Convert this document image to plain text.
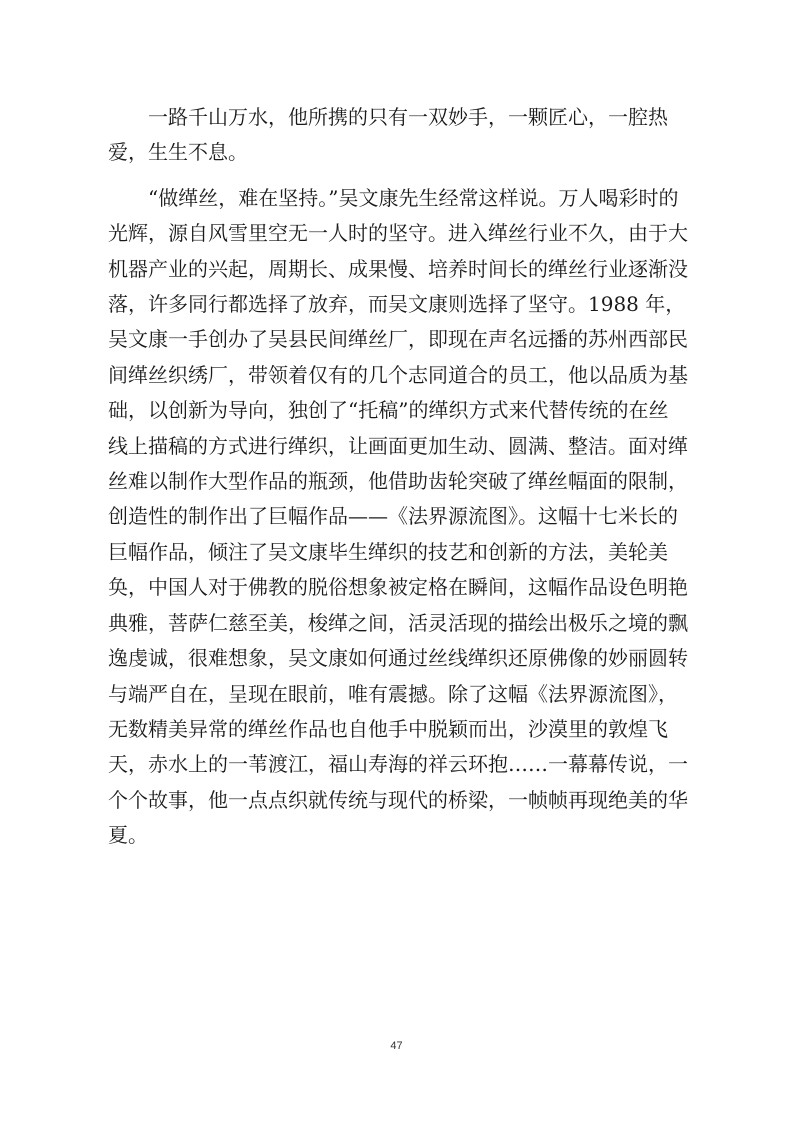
一路千山万水，他所携的只有一双妙手，一颗匠心，一腔热爱，生生不息。

“做缂丝，难在坚持。”吴文康先生经常这样说。万人喝彩时的光辉，源自风雪里空无一人时的坚守。进入缂丝行业不久，由于大机器产业的兴起，周期长、成果慢、培养时间长的缂丝行业逐渐没落，许多同行都选择了放弃，而吴文康则选择了坚守。1988 年，吴文康一手创办了吴县民间缂丝厂，即现在声名远播的苏州西部民间缂丝织绣厂，带领着仅有的几个志同道合的员工，他以品质为基础，以创新为导向，独创了“托稿”的缂织方式来代替传统的在丝线上描稿的方式进行缂织，让画面更加生动、圆满、整洁。面对缂丝难以制作大型作品的瓶颈，他借助齿轮突破了缂丝幅面的限制，创造性的制作出了巨幅作品——《法界源流图》。这幅十七米长的巨幅作品，倾注了吴文康毕生缂织的技艺和创新的方法，美轮美奂，中国人对于佛教的脱俗想象被定格在瞬间，这幅作品设色明艳典雅，菩萨仁慈至美，梭缂之间，活灵活现的描绘出极乐之境的飘逸虔诚，很难想象，吴文康如何通过丝线缂织还原佛像的妙丽圆转与端严自在，呈现在眼前，唯有震撼。除了这幅《法界源流图》，无数精美异常的缂丝作品也自他手中脱颖而出，沙漠里的敦煌飞天，赤水上的一苇渡江，福山寿海的祥云环抱……一幕幕传说，一个个故事，他一点点织就传统与现代的桥梁，一帧帧再现绝美的华夏。

47
